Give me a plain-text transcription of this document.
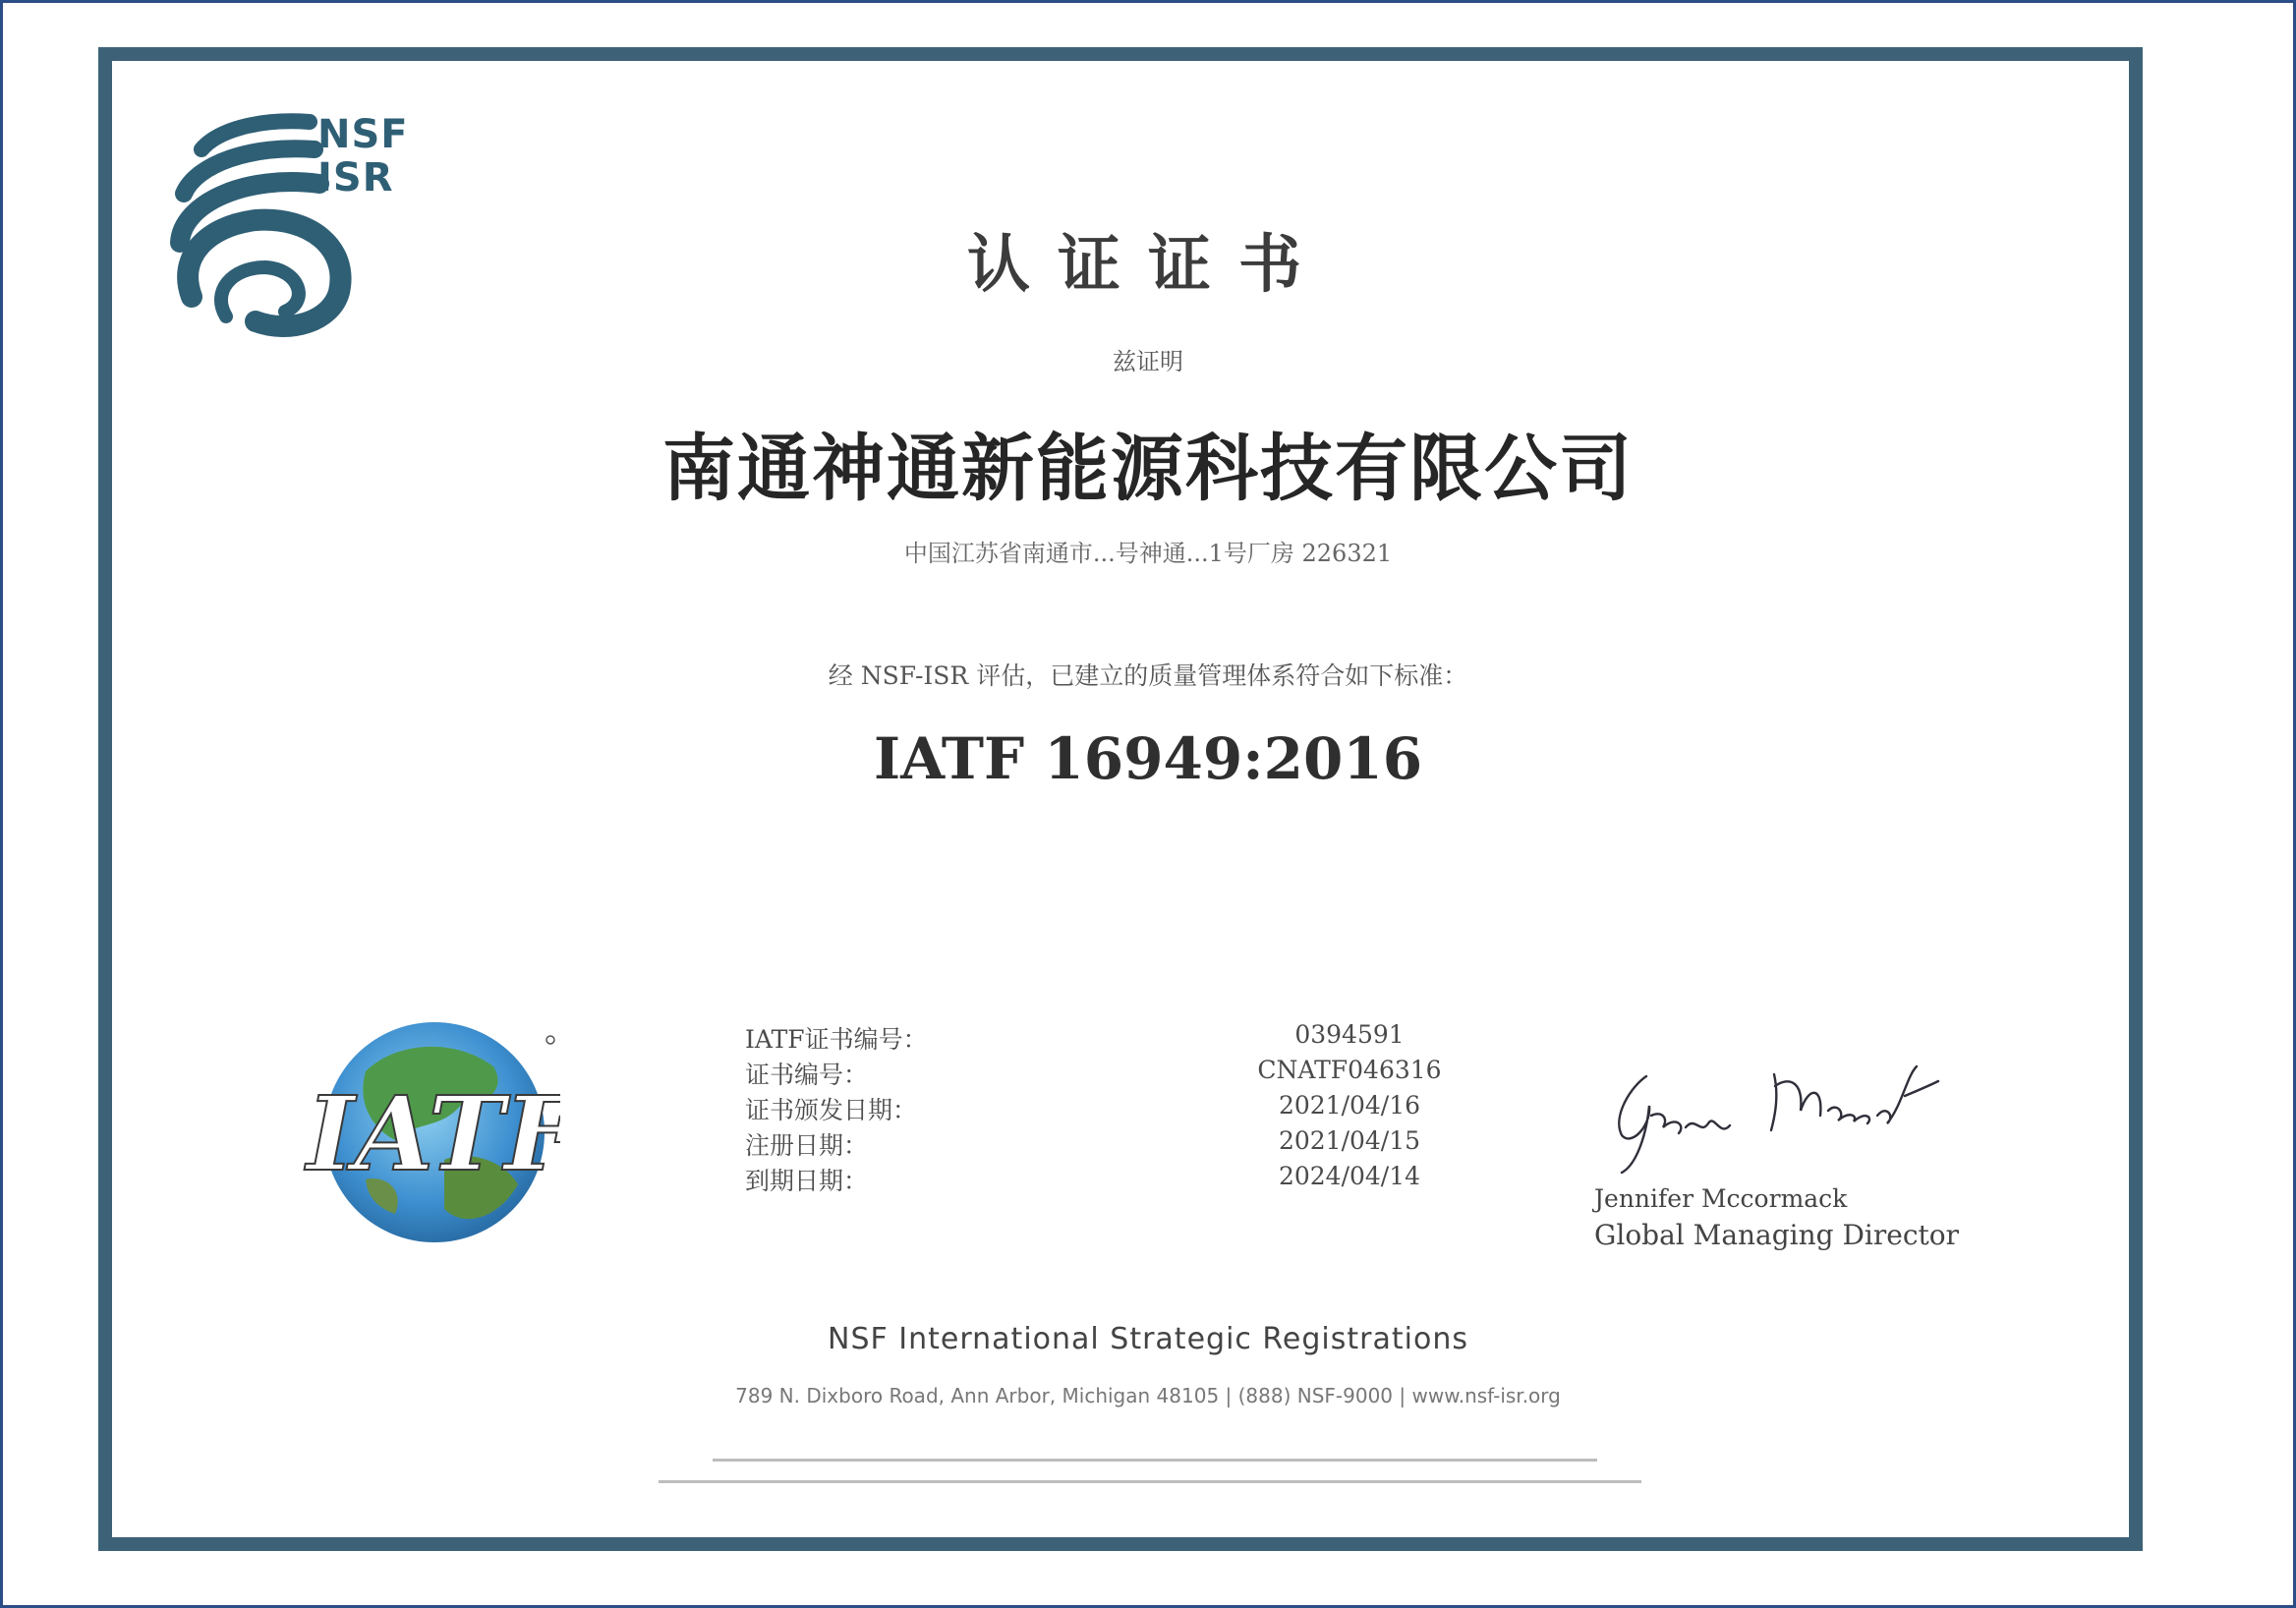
NSF
ISR
认证证书
兹证明
南通神通新能源科技有限公司
中国江苏省南通市...号神通...1号厂房 226321
经 NSF-ISR 评估，已建立的质量管理体系符合如下标准：
IATF 16949:2016
IATF
IATF证书编号：	0394591
证书编号：	CNATF046316
证书颁发日期：	2021/04/16
注册日期：	2021/04/15
到期日期：	2024/04/14
Jennifer Mccormack
Global Managing Director
NSF International Strategic Registrations
789 N. Dixboro Road, Ann Arbor, Michigan 48105 | (888) NSF-9000 | www.nsf-isr.org
